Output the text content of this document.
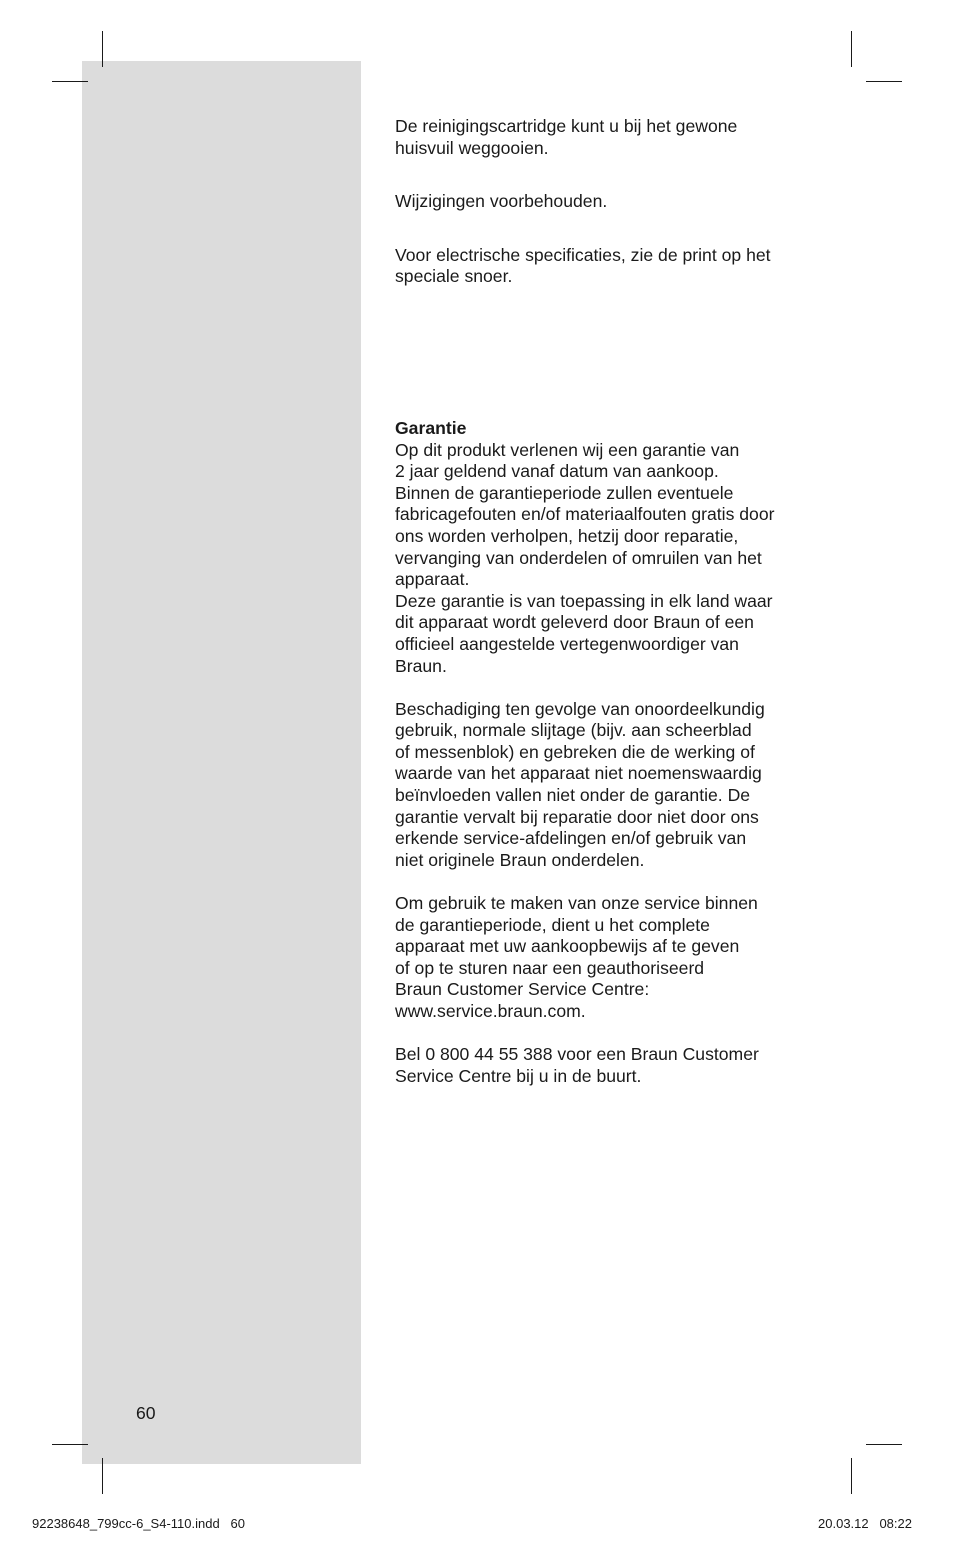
De reinigingscartridge kunt u bij het gewone
huisvuil weggooien.

Wijzigingen voorbehouden.

Voor electrische specificaties, zie de print op het
speciale snoer.

Garantie

Op dit produkt verlenen wij een garantie van
2 jaar geldend vanaf datum van aankoop.
Binnen de garantieperiode zullen eventuele
fabricagefouten en/of materiaalfouten gratis door
ons worden verholpen, hetzij door reparatie,
vervanging van onderdelen of omruilen van het
apparaat.
Deze garantie is van toepassing in elk land waar
dit apparaat wordt geleverd door Braun of een
officieel aangestelde vertegenwoordiger van
Braun.

Beschadiging ten gevolge van onoordeelkundig
gebruik, normale slijtage (bijv. aan scheerblad
of messenblok) en gebreken die de werking of
waarde van het apparaat niet noemenswaardig
beïnvloeden vallen niet onder de garantie. De
garantie vervalt bij reparatie door niet door ons
erkende service-afdelingen en/of gebruik van
niet originele Braun onderdelen.

Om gebruik te maken van onze service binnen
de garantieperiode, dient u het complete
apparaat met uw aankoopbewijs af te geven
of op te sturen naar een geauthoriseerd
Braun Customer Service Centre:
www.service.braun.com.

Bel 0 800 44 55 388 voor een Braun Customer
Service Centre bij u in de buurt.

60
92238648_799cc-6_S4-110.indd   60	20.03.12   08:22
